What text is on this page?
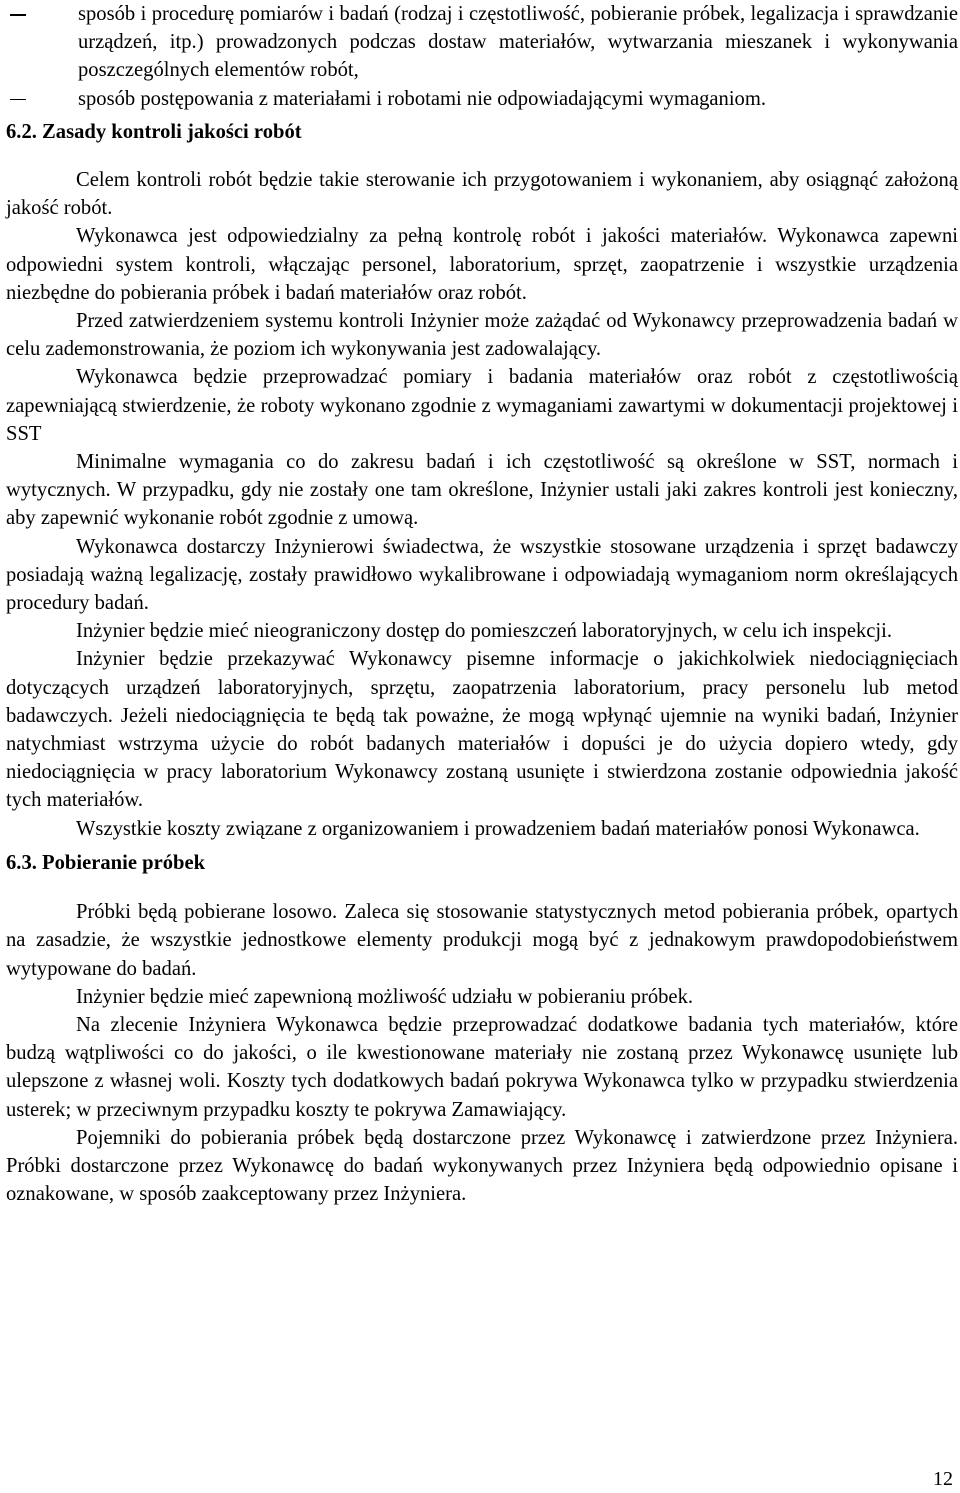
sposób i procedurę pomiarów i badań (rodzaj i częstotliwość, pobieranie próbek, legalizacja i sprawdzanie urządzeń, itp.) prowadzonych podczas dostaw materiałów, wytwarzania mieszanek i wykonywania poszczególnych elementów robót,
sposób postępowania z materiałami i robotami nie odpowiadającymi wymaganiom.
6.2. Zasady kontroli jakości robót

Celem kontroli robót będzie takie sterowanie ich przygotowaniem i wykonaniem, aby osiągnąć założoną jakość robót.

Wykonawca jest odpowiedzialny za pełną kontrolę robót i jakości materiałów. Wykonawca zapewni odpowiedni system kontroli, włączając personel, laboratorium, sprzęt, zaopatrzenie i wszystkie urządzenia niezbędne do pobierania próbek i badań materiałów oraz robót.

Przed zatwierdzeniem systemu kontroli Inżynier może zażądać od Wykonawcy przeprowadzenia badań w celu zademonstrowania, że poziom ich wykonywania jest zadowalający.

Wykonawca będzie przeprowadzać pomiary i badania materiałów oraz robót z częstotliwością zapewniającą stwierdzenie, że roboty wykonano zgodnie z wymaganiami zawartymi w dokumentacji projektowej i SST

Minimalne wymagania co do zakresu badań i ich częstotliwość są określone w SST, normach i wytycznych. W przypadku, gdy nie zostały one tam określone, Inżynier ustali jaki zakres kontroli jest konieczny, aby zapewnić wykonanie robót zgodnie z umową.

Wykonawca dostarczy Inżynierowi świadectwa, że wszystkie stosowane urządzenia i sprzęt badawczy posiadają ważną legalizację, zostały prawidłowo wykalibrowane i odpowiadają wymaganiom norm określających procedury badań.

Inżynier będzie mieć nieograniczony dostęp do pomieszczeń laboratoryjnych, w celu ich inspekcji.

Inżynier będzie przekazywać Wykonawcy pisemne informacje o jakichkolwiek niedociągnięciach dotyczących urządzeń laboratoryjnych, sprzętu, zaopatrzenia laboratorium, pracy personelu lub metod badawczych. Jeżeli niedociągnięcia te będą tak poważne, że mogą wpłynąć ujemnie na wyniki badań, Inżynier natychmiast wstrzyma użycie do robót badanych materiałów i dopuści je do użycia dopiero wtedy, gdy niedociągnięcia w pracy laboratorium Wykonawcy zostaną usunięte i stwierdzona zostanie odpowiednia jakość tych materiałów.

Wszystkie koszty związane z organizowaniem i prowadzeniem badań materiałów ponosi Wykonawca.

6.3. Pobieranie próbek

Próbki będą pobierane losowo. Zaleca się stosowanie statystycznych metod pobierania próbek, opartych na zasadzie, że wszystkie jednostkowe elementy produkcji mogą być z jednakowym prawdopodobieństwem wytypowane do badań.

Inżynier będzie mieć zapewnioną możliwość udziału w pobieraniu próbek.

Na zlecenie Inżyniera Wykonawca będzie przeprowadzać dodatkowe badania tych materiałów, które budzą wątpliwości co do jakości, o ile kwestionowane materiały nie zostaną przez Wykonawcę usunięte lub ulepszone z własnej woli. Koszty tych dodatkowych badań pokrywa Wykonawca tylko w przypadku stwierdzenia usterek; w przeciwnym przypadku koszty te pokrywa Zamawiający.

Pojemniki do pobierania próbek będą dostarczone przez Wykonawcę i zatwierdzone przez Inżyniera. Próbki dostarczone przez Wykonawcę do badań wykonywanych przez Inżyniera będą odpowiednio opisane i oznakowane, w sposób zaakceptowany przez Inżyniera.

12
